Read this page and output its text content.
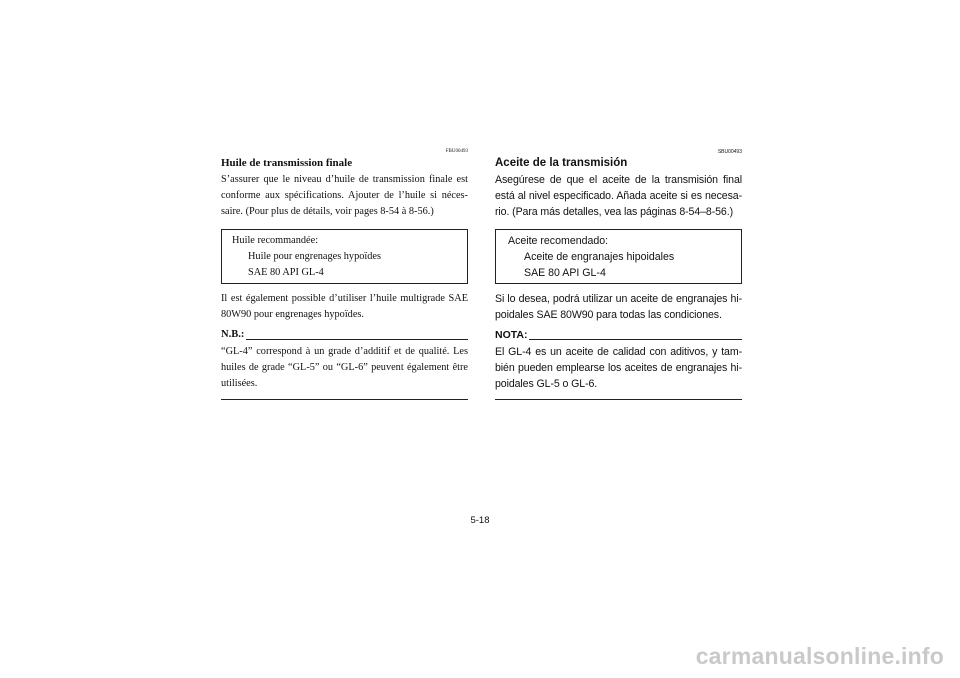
FBU00493
Huile de transmission finale
S’assurer que le niveau d’huile de transmission finale est conforme aux spécifications. Ajouter de l’huile si néces-saire. (Pour plus de détails, voir pages 8-54 à 8-56.)
Huile recommandée:
Huile pour engrenages hypoïdes
SAE 80 API GL-4
Il est également possible d’utiliser l’huile multigrade SAE 80W90 pour engrenages hypoïdes.
N.B.:
“GL-4” correspond à un grade d’additif et de qualité. Les huiles de grade “GL-5” ou “GL-6” peuvent également être utilisées.
SBU00493
Aceite de la transmisión
Asegúrese de que el aceite de la transmisión final está al nivel especificado. Añada aceite si es necesa-rio. (Para más detalles, vea las páginas 8-54–8-56.)
Aceite recomendado:
Aceite de engranajes hipoidales
SAE 80 API GL-4
Si lo desea, podrá utilizar un aceite de engranajes hi-poidales SAE 80W90 para todas las condiciones.
NOTA:
El GL-4 es un aceite de calidad con aditivos, y tam-bién pueden emplearse los aceites de engranajes hi-poidales GL-5 o GL-6.
5-18
carmanualsonline.info
